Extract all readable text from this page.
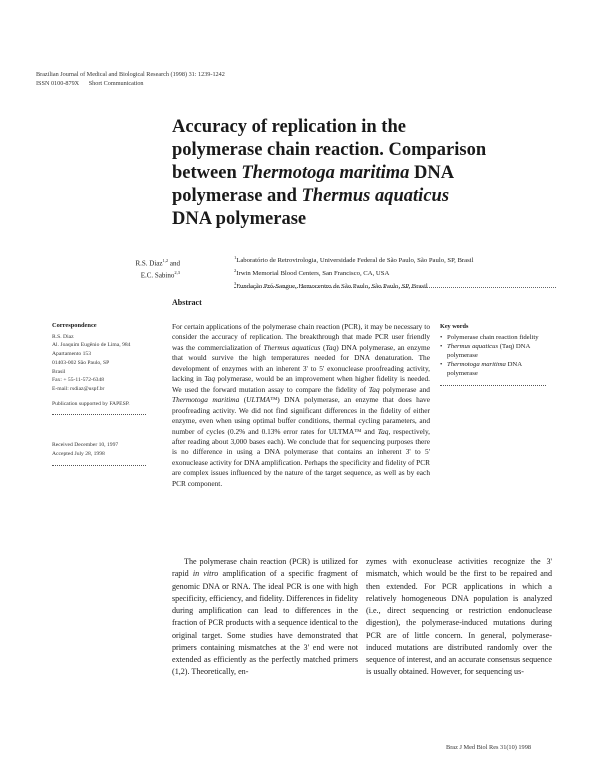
Brazilian Journal of Medical and Biological Research (1998) 31: 1239-1242
ISSN 0100-879X Short Communication
Accuracy of replication in the
polymerase chain reaction. Comparison
between Thermotoga maritima DNA
polymerase and Thermus aquaticus
DNA polymerase
R.S. Diaz$^{1,2}$ and
E.C. Sabino$^{2,3}$
$^1$Laboratório de Retrovirologia, Universidade Federal de São Paulo, São Paulo, SP, Brasil
$^2$Irwin Memorial Blood Centers, San Francisco, CA, USA
$^3$Fundação Pró-Sangue, Hemocentro de São Paulo, São Paulo, SP, Brasil
Abstract
For certain applications of the polymerase chain reaction (PCR), it may be necessary to consider the accuracy of replication. The breakthrough that made PCR user friendly was the commercialization of Thermus aquaticus (Taq) DNA polymerase, an enzyme that would survive the high temperatures needed for DNA denaturation. The development of enzymes with an inherent 3' to 5' exonuclease proofreading activity, lacking in Taq polymerase, would be an improvement when higher fidelity is needed. We used the forward mutation assay to compare the fidelity of Taq polymerase and Thermotoga maritima (ULTMA™) DNA polymerase, an enzyme that does have proofreading activity. We did not find significant differences in the fidelity of either enzyme, even when using optimal buffer conditions, thermal cycling parameters, and number of cycles (0.2% and 0.13% error rates for ULTMA™ and Taq, respectively, after reading about 3,000 bases each). We conclude that for sequencing purposes there is no difference in using a DNA polymerase that contains an inherent 3' to 5' exonuclease activity for DNA amplification. Perhaps the specificity and fidelity of PCR are complex issues influenced by the nature of the target sequence, as well as by each PCR component.
Correspondence
R.S. Diaz
Al. Joaquim Eugênio de Lima, 984
Apartamento 153
01403-002 São Paulo, SP
Brasil
Fax: + 55-11-572-6348
E-mail: rsdiaz@uspf.br
Publication supported by FAPESP.
Received December 10, 1997
Accepted July 28, 1998
Key words
• Polymerase chain reaction fidelity
• Thermus aquaticus (Taq) DNA polymerase
• Thermotoga maritima DNA polymerase

The polymerase chain reaction (PCR) is utilized for rapid in vitro amplification of a specific fragment of genomic DNA or RNA. The ideal PCR is one with high specificity, efficiency, and fidelity. Differences in fidelity during amplification can lead to differences in the fraction of PCR products with a sequence identical to the original target. Some studies have demonstrated that primers containing mismatches at the 3' end were not extended as efficiently as the perfectly matched primers (1,2). Theoretically, en-

zymes with exonuclease activities recognize the 3' mismatch, which would be the first to be repaired and then extended. For PCR applications in which a relatively homogeneous DNA population is analyzed (i.e., direct sequencing or restriction endonuclease digestion), the polymerase-induced mutations during PCR are of little concern. In general, polymerase-induced mutations are distributed randomly over the sequence of interest, and an accurate consensus sequence is usually obtained. However, for sequencing us-

Braz J Med Biol Res 31(10) 1998
